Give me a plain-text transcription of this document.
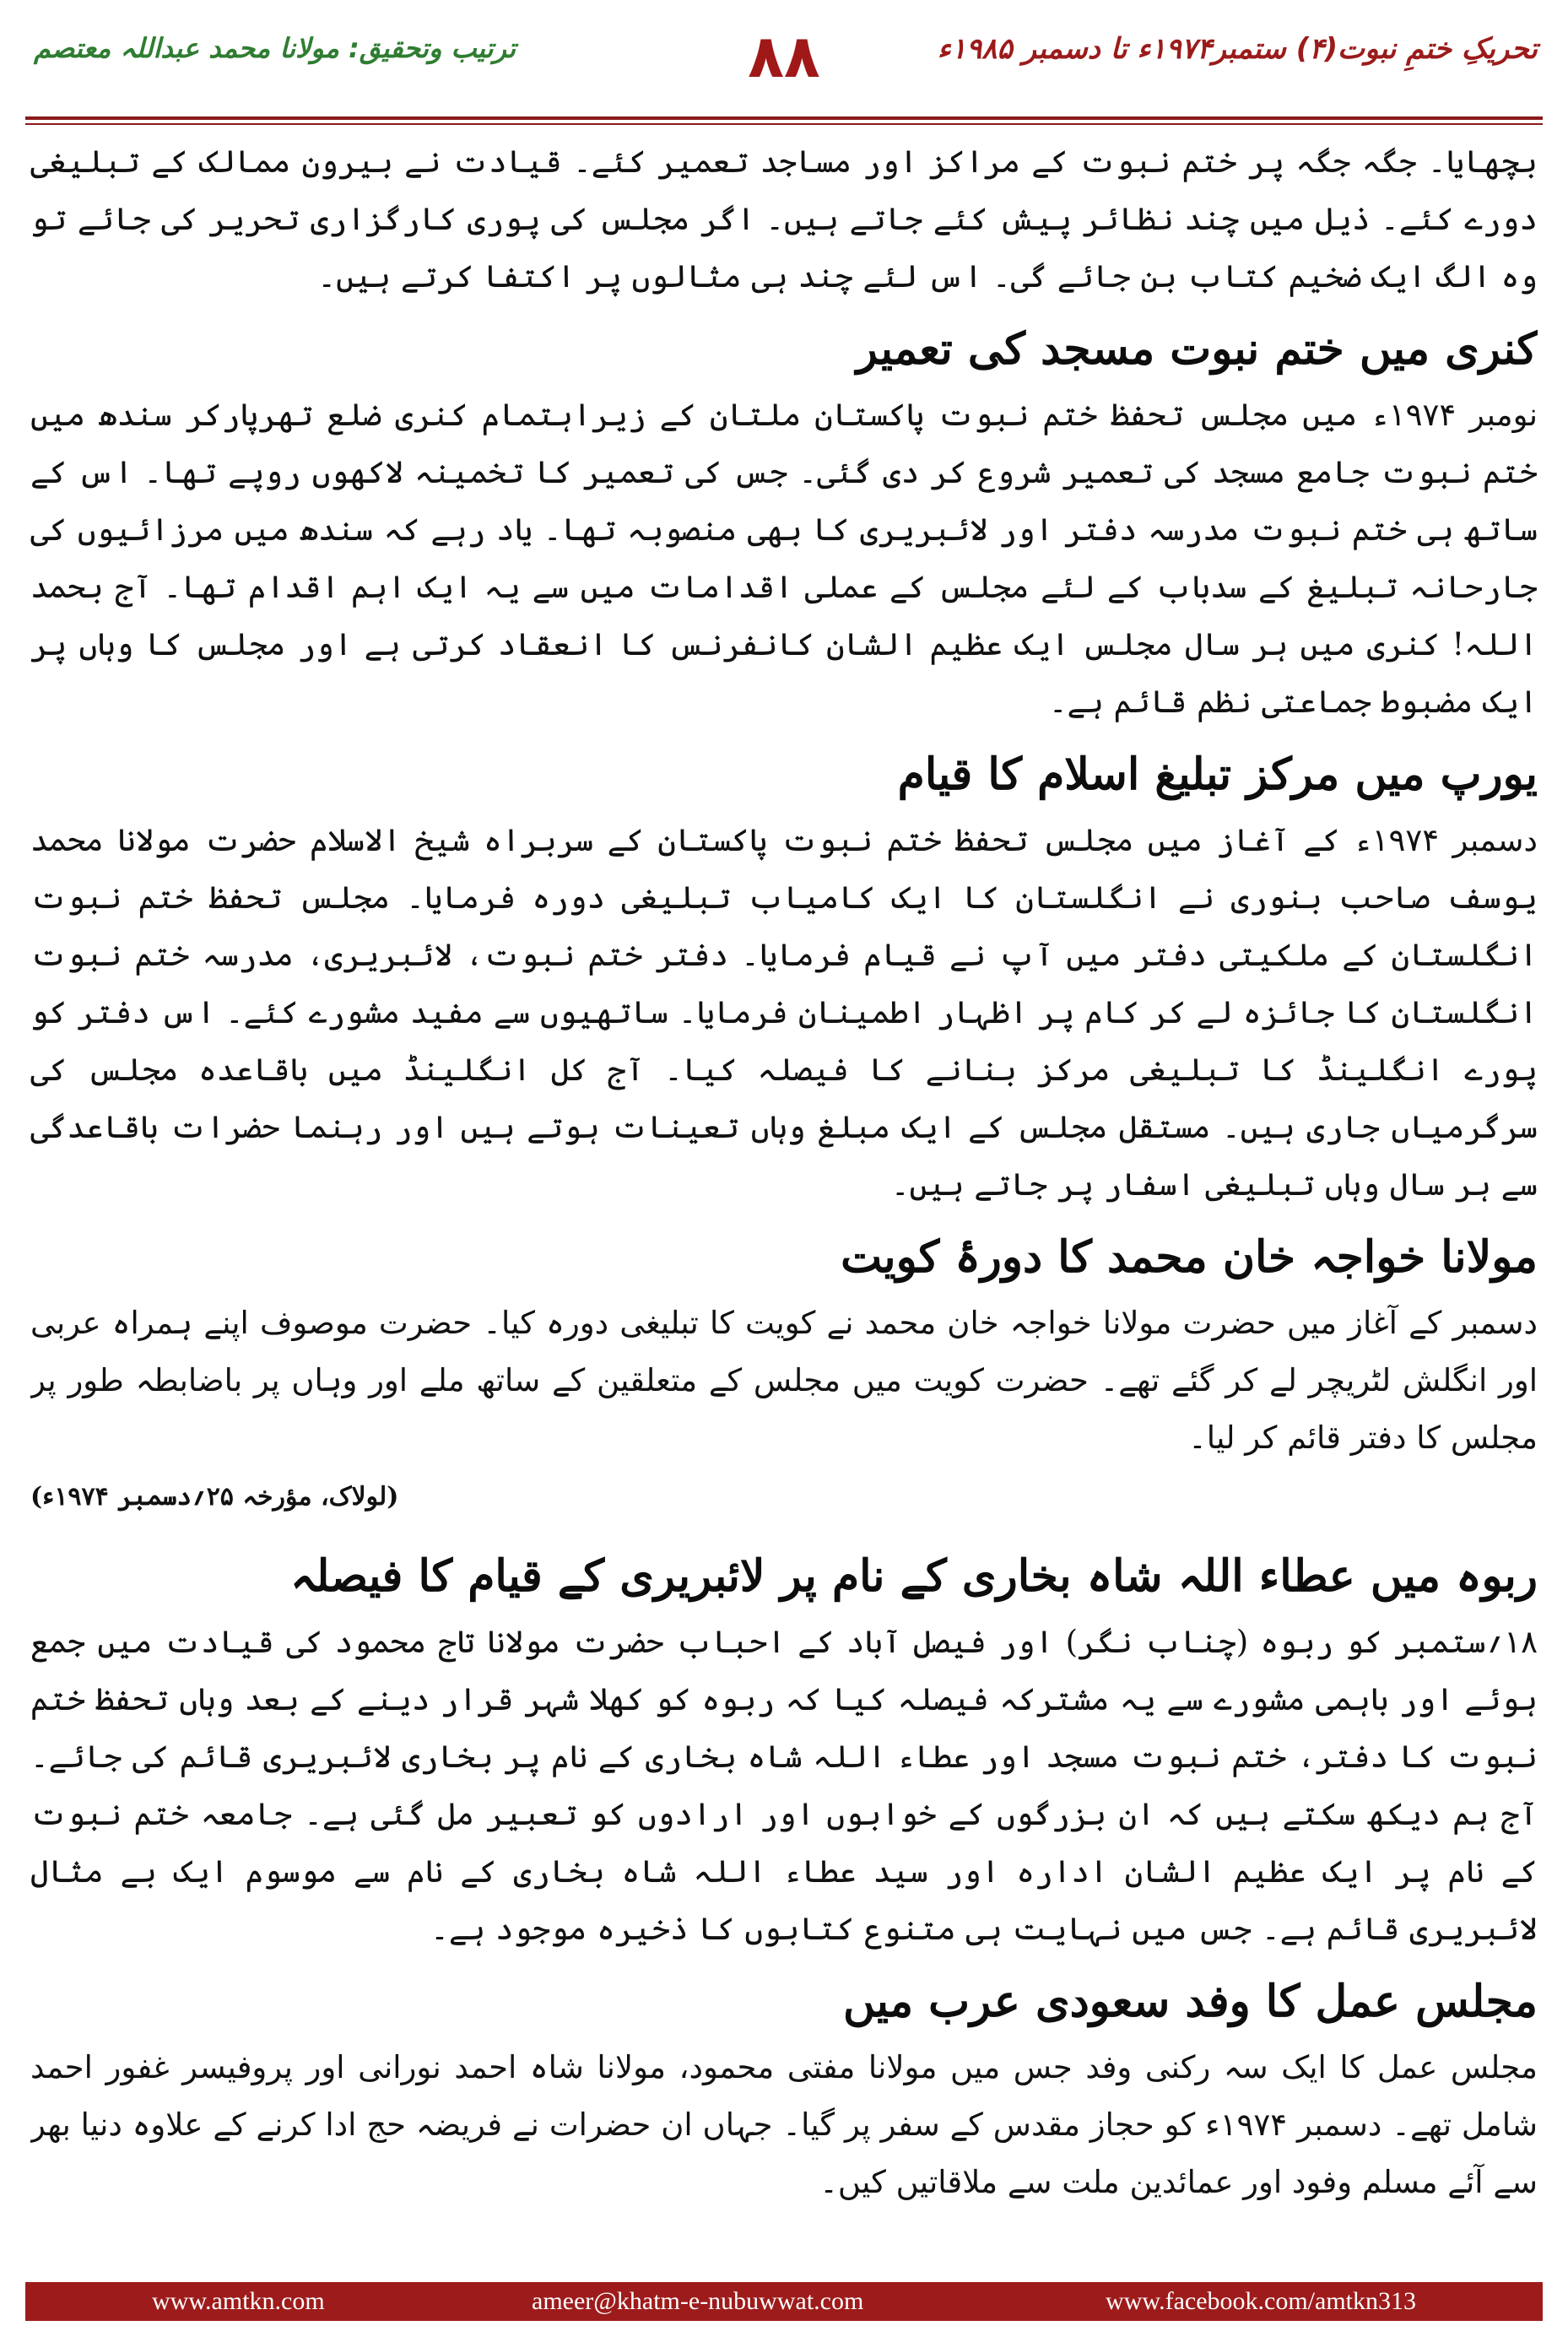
تحریکِ ختمِ نبوت(۴) ستمبر۱۹۷۴ء تا دسمبر ۱۹۸۵ء
۸۸
ترتیب وتحقیق: مولانا محمد عبداللہ معتصم

بچھایا۔ جگہ جگہ پر ختم نبوت کے مراکز اور مساجد تعمیر کئے۔ قیادت نے بیرون ممالک کے تبلیغی دورے کئے۔ ذیل میں چند نظائر پیش کئے جاتے ہیں۔ اگر مجلس کی پوری کارگزاری تحریر کی جائے تو وہ الگ ایک ضخیم کتاب بن جائے گی۔ اس لئے چند ہی مثالوں پر اکتفا کرتے ہیں۔

کنری میں ختم نبوت مسجد کی تعمیر

نومبر ۱۹۷۴ء میں مجلس تحفظ ختم نبوت پاکستان ملتان کے زیراہتمام کنری ضلع تھرپارکر سندھ میں ختم نبوت جامع مسجد کی تعمیر شروع کر دی گئی۔ جس کی تعمیر کا تخمینہ لاکھوں روپے تھا۔ اس کے ساتھ ہی ختم نبوت مدرسہ دفتر اور لائبریری کا بھی منصوبہ تھا۔ یاد رہے کہ سندھ میں مرزائیوں کی جارحانہ تبلیغ کے سدباب کے لئے مجلس کے عملی اقدامات میں سے یہ ایک اہم اقدام تھا۔ آج بحمد اللہ! کنری میں ہر سال مجلس ایک عظیم الشان کانفرنس کا انعقاد کرتی ہے اور مجلس کا وہاں پر ایک مضبوط جماعتی نظم قائم ہے۔

یورپ میں مرکز تبلیغ اسلام کا قیام

دسمبر ۱۹۷۴ء کے آغاز میں مجلس تحفظ ختم نبوت پاکستان کے سربراہ شیخ الاسلام حضرت مولانا محمد یوسف صاحب بنوری نے انگلستان کا ایک کامیاب تبلیغی دورہ فرمایا۔ مجلس تحفظ ختم نبوت انگلستان کے ملکیتی دفتر میں آپ نے قیام فرمایا۔ دفتر ختم نبوت، لائبریری، مدرسہ ختم نبوت انگلستان کا جائزہ لے کر کام پر اظہار اطمینان فرمایا۔ ساتھیوں سے مفید مشورے کئے۔ اس دفتر کو پورے انگلینڈ کا تبلیغی مرکز بنانے کا فیصلہ کیا۔ آج کل انگلینڈ میں باقاعدہ مجلس کی سرگرمیاں جاری ہیں۔ مستقل مجلس کے ایک مبلغ وہاں تعینات ہوتے ہیں اور رہنما حضرات باقاعدگی سے ہر سال وہاں تبلیغی اسفار پر جاتے ہیں۔

مولانا خواجہ خان محمد کا دورۂ کویت

دسمبر کے آغاز میں حضرت مولانا خواجہ خان محمد نے کویت کا تبلیغی دورہ کیا۔ حضرت موصوف اپنے ہمراہ عربی اور انگلش لٹریچر لے کر گئے تھے۔ حضرت کویت میں مجلس کے متعلقین کے ساتھ ملے اور وہاں پر باضابطہ طور پر مجلس کا دفتر قائم کر لیا۔

(لولاک، مؤرخہ ۲۵؍دسمبر ۱۹۷۴ء)
ربوہ میں عطاء اللہ شاہ بخاری کے نام پر لائبریری کے قیام کا فیصلہ

۱۸؍ستمبر کو ربوہ (چناب نگر) اور فیصل آباد کے احباب حضرت مولانا تاج محمود کی قیادت میں جمع ہوئے اور باہمی مشورے سے یہ مشترکہ فیصلہ کیا کہ ربوہ کو کھلا شہر قرار دینے کے بعد وہاں تحفظ ختم نبوت کا دفتر، ختم نبوت مسجد اور عطاء اللہ شاہ بخاری کے نام پر بخاری لائبریری قائم کی جائے۔ آج ہم دیکھ سکتے ہیں کہ ان بزرگوں کے خوابوں اور ارادوں کو تعبیر مل گئی ہے۔ جامعہ ختم نبوت کے نام پر ایک عظیم الشان ادارہ اور سید عطاء اللہ شاہ بخاری کے نام سے موسوم ایک بے مثال لائبریری قائم ہے۔ جس میں نہایت ہی متنوع کتابوں کا ذخیرہ موجود ہے۔

مجلس عمل کا وفد سعودی عرب میں

مجلس عمل کا ایک سہ رکنی وفد جس میں مولانا مفتی محمود، مولانا شاہ احمد نورانی اور پروفیسر غفور احمد شامل تھے۔ دسمبر ۱۹۷۴ء کو حجاز مقدس کے سفر پر گیا۔ جہاں ان حضرات نے فریضہ حج ادا کرنے کے علاوہ دنیا بھر سے آئے مسلم وفود اور عمائدین ملت سے ملاقاتیں کیں۔

www.amtkn.com	ameer@khatm-e-nubuwwat.com	www.facebook.com/amtkn313
